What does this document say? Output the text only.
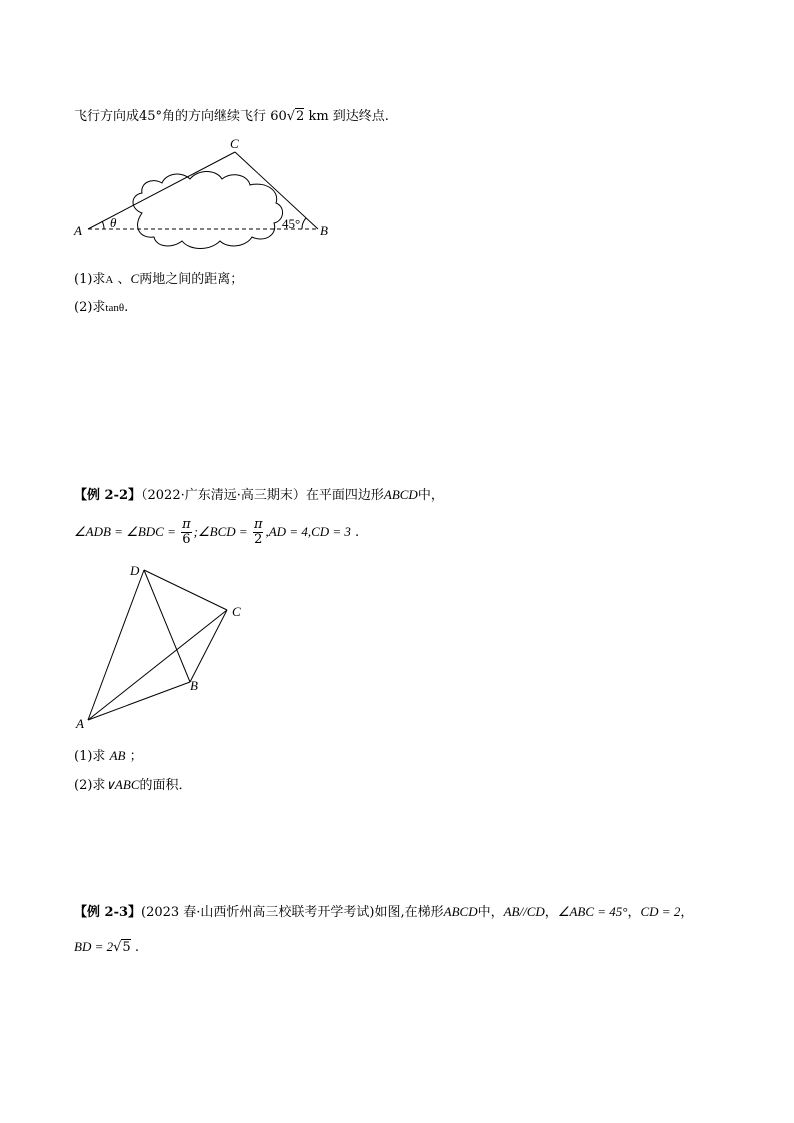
飞行方向成45°角的方向继续飞行 60√2 km 到达终点.
A	B
C
θ	45°
(1)求A 、C两地之间的距离；
(2)求tanθ.
【例 2-2】（2022·广东清远·高三期末）在平面四边形ABCD中，
∠ADB = ∠BDC = $\frac{\pi}{6}$ ;∠BCD = $\frac{\pi}{2} ,AD = 4,CD = 3$ .
D
C
B
A
(1)求 AB ；
(2)求∨ABC的面积．
【例 2-3】(2023 春·山西忻州高三校联考开学考试)如图,在梯形ABCD中，AB//CD，∠ABC = 45°，CD = 2，
BD = 2√5 .
